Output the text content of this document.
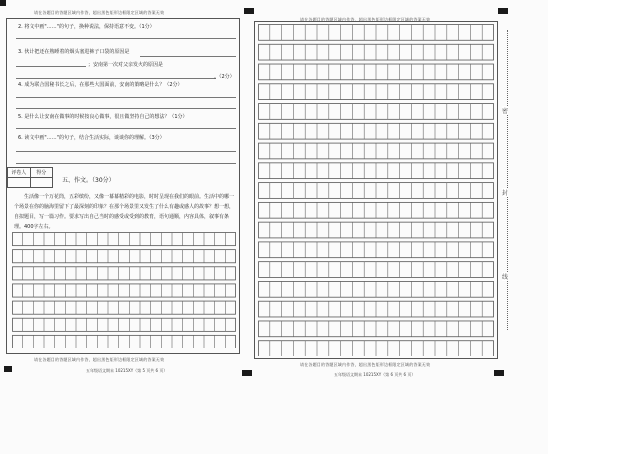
请在各题目的答题区域内作答，超出黑色矩形边框限定区域的答案无效
2. 将文中画"……"的句子，换种说法，保持语意不变。（1分）
3. 伙计把还在熟睡着的烟头塞进裤子口袋的原因是
；安南第一次对父亲发火的原因是
。（2分）
4. 成为联合国秘书长之后，在那些大国面前，安南的策略是什么？（2分）
5. 是什么让安南在做事的时候按良心做事，很且做坚持自己的想法？（1分）
6. 读文中画"……"的句子，结合生活实际，谈谈你的理解。（3分）
评卷人	得分
五、作文。（30分）
生活像一个万花筒，五彩缤纷，又像一幕幕精彩的电影，时时呈现在我们的眼前。生活中的哪一个场景在你的脑海里留下了最深刻的印象？在那个场景里又发生了什么有趣或感人的故事？想一想，自拟题目，写一篇习作。要求写出自己当时的感受或受到的教育，语句通顺，内容具体，叙事有条理。400字左右。
请在各题目的答题区域内作答，超出黑色矩形边框限定区域的答案无效
五年级语文期末 10215XY（第 5 页共 6 页）
请在各题目的答题区域内作答，超出黑色矩形边框限定区域的答案无效
请在各题目的答题区域内作答，超出黑色矩形边框限定区域的答案无效
五年级语文期末 10215XY（第 6 页共 6 页）
密
封
线
